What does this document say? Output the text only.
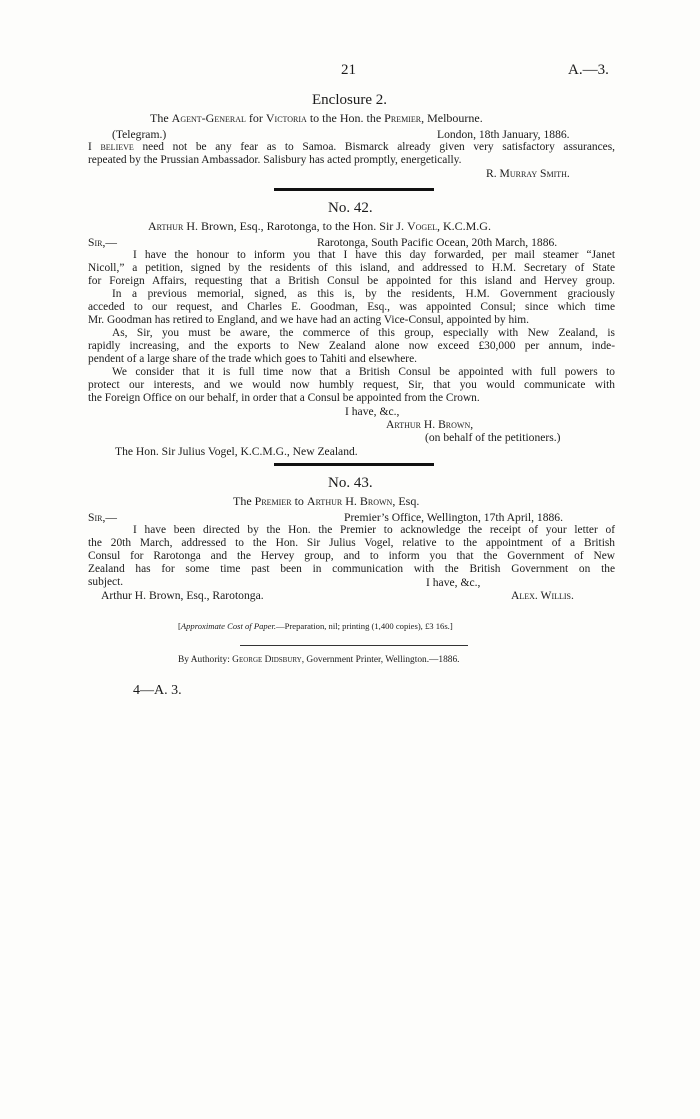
21	A.—3.
Enclosure 2.
The Agent-General for Victoria to the Hon. the Premier, Melbourne.
(Telegram.)	London, 18th January, 1886.
I believe need not be any fear as to Samoa. Bismarck already given very satisfactory assurances,
repeated by the Prussian Ambassador. Salisbury has acted promptly, energetically.
R. Murray Smith.
No. 42.
Arthur H. Brown, Esq., Rarotonga, to the Hon. Sir J. Vogel, K.C.M.G.
Sir,—	Rarotonga, South Pacific Ocean, 20th March, 1886.
I have the honour to inform you that I have this day forwarded, per mail steamer “Janet
Nicoll,” a petition, signed by the residents of this island, and addressed to H.M. Secretary of State
for Foreign Affairs, requesting that a British Consul be appointed for this island and Hervey group.
In a previous memorial, signed, as this is, by the residents, H.M. Government graciously
acceded to our request, and Charles E. Goodman, Esq., was appointed Consul; since which time
Mr. Goodman has retired to England, and we have had an acting Vice-Consul, appointed by him.
As, Sir, you must be aware, the commerce of this group, especially with New Zealand, is
rapidly increasing, and the exports to New Zealand alone now exceed £30,000 per annum, inde-
pendent of a large share of the trade which goes to Tahiti and elsewhere.
We consider that it is full time now that a British Consul be appointed with full powers to
protect our interests, and we would now humbly request, Sir, that you would communicate with
the Foreign Office on our behalf, in order that a Consul be appointed from the Crown.
I have, &c.,
Arthur H. Brown,
(on behalf of the petitioners.)
The Hon. Sir Julius Vogel, K.C.M.G., New Zealand.
No. 43.
The Premier to Arthur H. Brown, Esq.
Sir,—	Premier’s Office, Wellington, 17th April, 1886.
I have been directed by the Hon. the Premier to acknowledge the receipt of your letter of
the 20th March, addressed to the Hon. Sir Julius Vogel, relative to the appointment of a British
Consul for Rarotonga and the Hervey group, and to inform you that the Government of New
Zealand has for some time past been in communication with the British Government on the
subject.	I have, &c.,
Arthur H. Brown, Esq., Rarotonga.	Alex. Willis.
[Approximate Cost of Paper.—Preparation, nil; printing (1,400 copies), £3 16s.]
By Authority: George Didsbury, Government Printer, Wellington.—1886.
4—A. 3.
